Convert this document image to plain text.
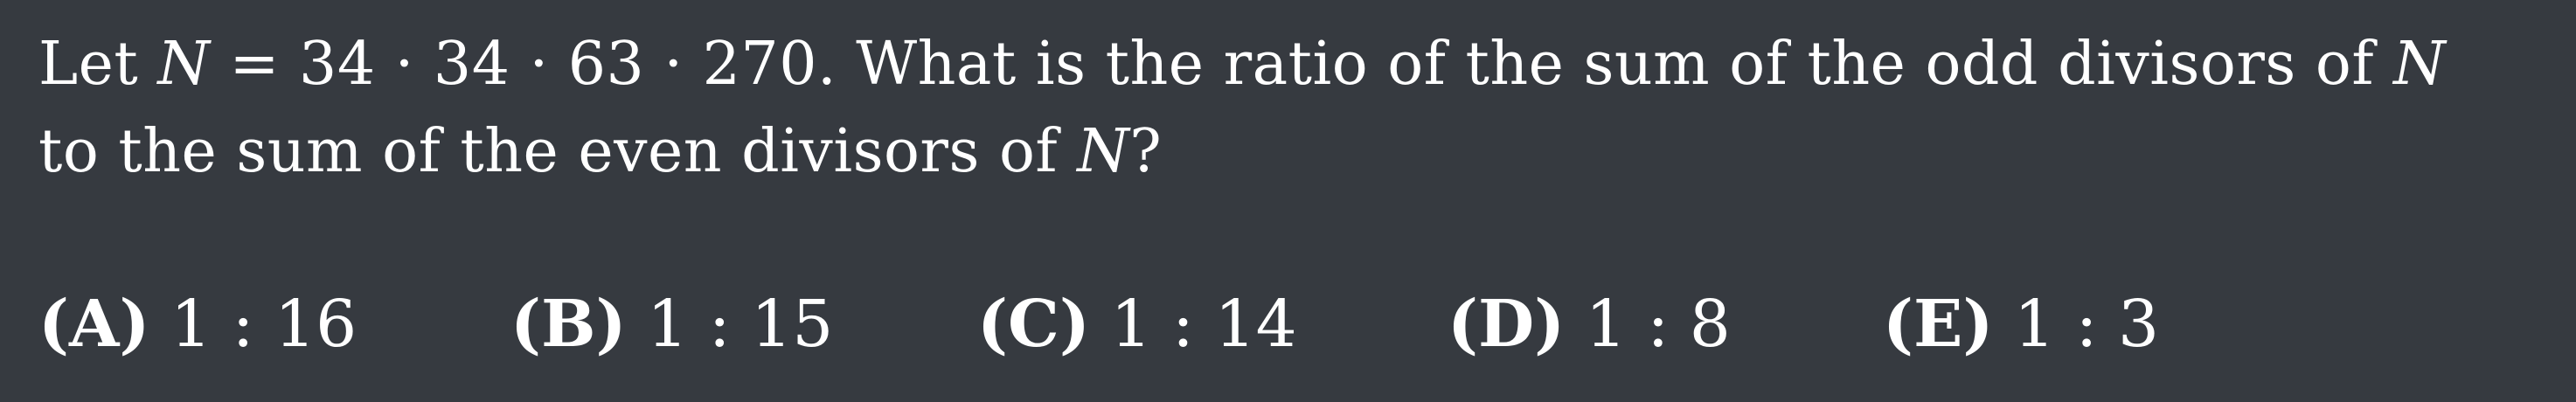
Let N = 34 · 34 · 63 · 270. What is the ratio of the sum of the odd divisors of N
to the sum of the even divisors of N?
(A) 1 : 16 (B) 1 : 15 (C) 1 : 14 (D) 1 : 8 (E) 1 : 3
